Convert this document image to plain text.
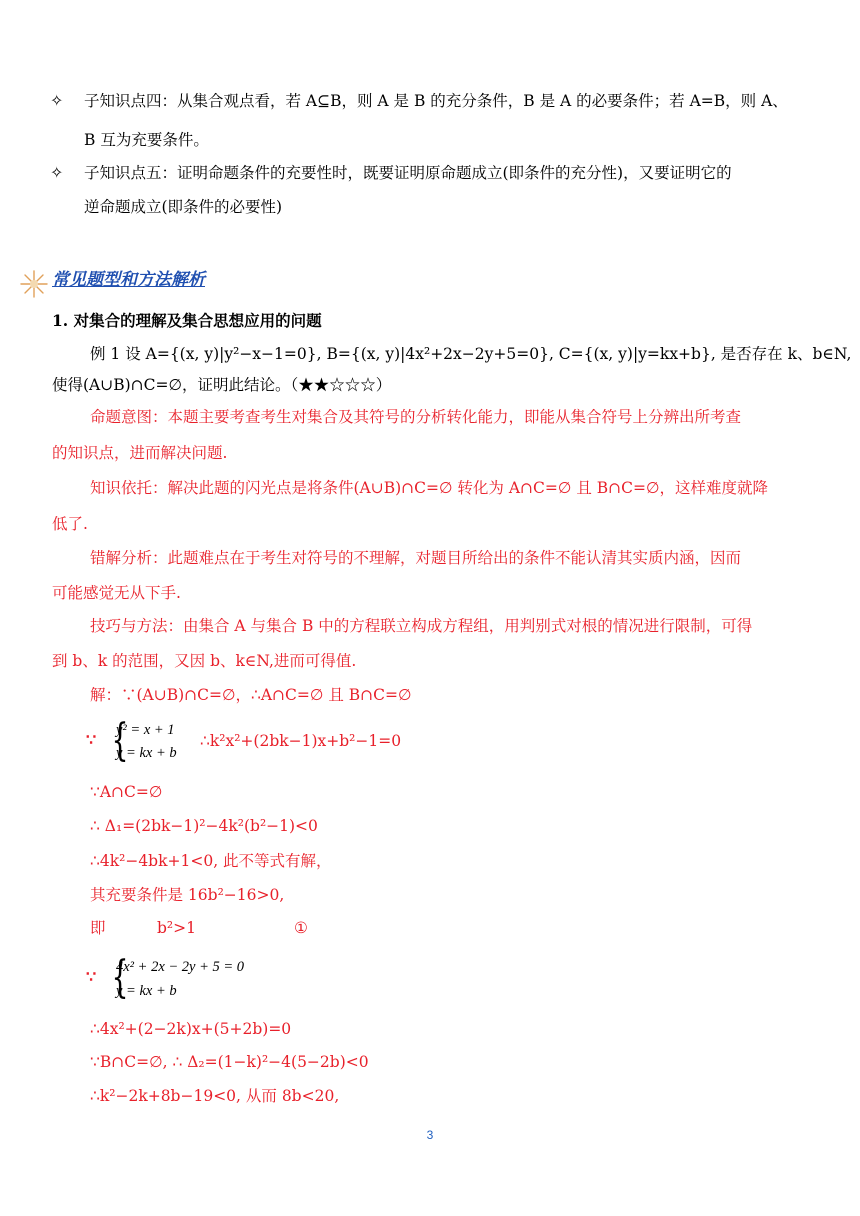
✧ 子知识点四：从集合观点看，若 A⊆B，则 A 是 B 的充分条件，B 是 A 的必要条件；若 A=B，则 A、
B 互为充要条件。
✧ 子知识点五：证明命题条件的充要性时，既要证明原命题成立(即条件的充分性)，又要证明它的
逆命题成立(即条件的必要性)
常见题型和方法解析
1. 对集合的理解及集合思想应用的问题
例 1 设 A={(x, y)|y²−x−1=0}, B={(x, y)|4x²+2x−2y+5=0}, C={(x, y)|y=kx+b}, 是否存在 k、b∈N,
使得(A∪B)∩C=∅，证明此结论。（★★☆☆☆）
命题意图：本题主要考查考生对集合及其符号的分析转化能力，即能从集合符号上分辨出所考查
的知识点，进而解决问题.
知识依托：解决此题的闪光点是将条件(A∪B)∩C=∅ 转化为 A∩C=∅ 且 B∩C=∅，这样难度就降
低了.
错解分析：此题难点在于考生对符号的不理解，对题目所给出的条件不能认清其实质内涵，因而
可能感觉无从下手.
技巧与方法：由集合 A 与集合 B 中的方程联立构成方程组，用判别式对根的情况进行限制，可得
到 b、k 的范围，又因 b、k∈N,进而可得值.
解：∵(A∪B)∩C=∅，∴A∩C=∅ 且 B∩C=∅
∵ {
y² = x + 1
y = kx + b
∴k²x²+(2bk−1)x+b²−1=0
∵A∩C=∅
∴ Δ₁=(2bk−1)²−4k²(b²−1)<0
∴4k²−4bk+1<0, 此不等式有解，
其充要条件是 16b²−16>0,
即	b²>1	①
∵ {
4x² + 2x − 2y + 5 = 0
y = kx + b
∴4x²+(2−2k)x+(5+2b)=0
∵B∩C=∅, ∴ Δ₂=(1−k)²−4(5−2b)<0
∴k²−2k+8b−19<0, 从而 8b<20,
3
